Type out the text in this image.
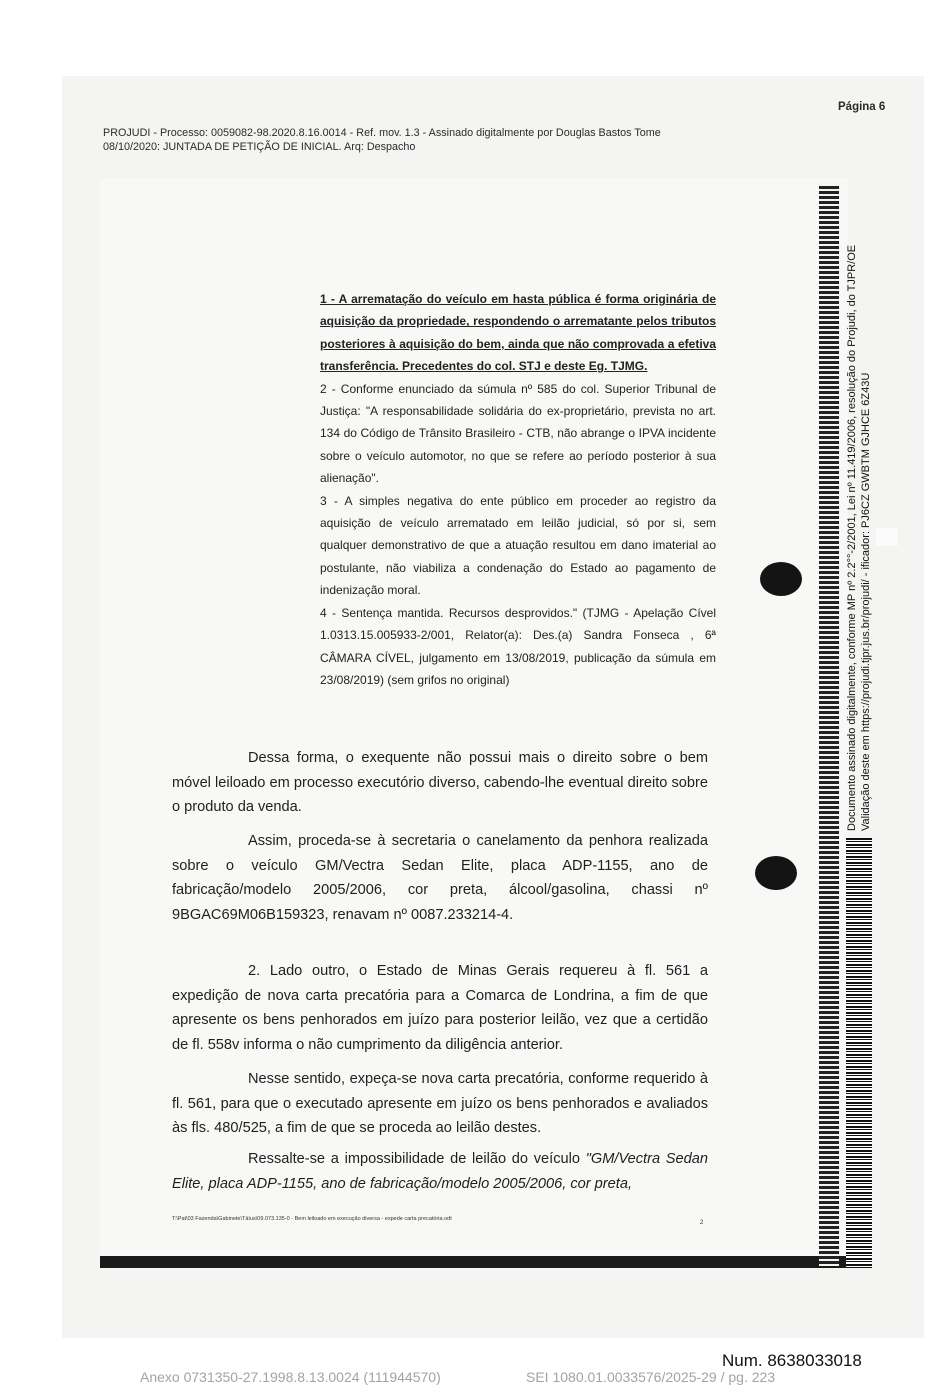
Página 6
PROJUDI - Processo: 0059082-98.2020.8.16.0014 - Ref. mov. 1.3 - Assinado digitalmente por Douglas Bastos Tome
08/10/2020: JUNTADA DE PETIÇÃO DE INICIAL. Arq: Despacho

1 - A arrematação do veículo em hasta pública é forma originária de aquisição da propriedade, respondendo o arrematante pelos tributos posteriores à aquisição do bem, ainda que não comprovada a efetiva transferência. Precedentes do col. STJ e deste Eg. TJMG.

2 - Conforme enunciado da súmula nº 585 do col. Superior Tribunal de Justiça: "A responsabilidade solidária do ex-proprietário, prevista no art. 134 do Código de Trânsito Brasileiro - CTB, não abrange o IPVA incidente sobre o veículo automotor, no que se refere ao período posterior à sua alienação".

3 - A simples negativa do ente público em proceder ao registro da aquisição de veículo arrematado em leilão judicial, só por si, sem qualquer demonstrativo de que a atuação resultou em dano imaterial ao postulante, não viabiliza a condenação do Estado ao pagamento de indenização moral.

4 - Sentença mantida. Recursos desprovidos." (TJMG - Apelação Cível 1.0313.15.005933-2/001, Relator(a): Des.(a) Sandra Fonseca , 6ª CÂMARA CÍVEL, julgamento em 13/08/2019, publicação da súmula em 23/08/2019) (sem grifos no original)

Dessa forma, o exequente não possui mais o direito sobre o bem móvel leiloado em processo executório diverso, cabendo-lhe eventual direito sobre o produto da venda.

Assim, proceda-se à secretaria o canelamento da penhora realizada sobre o veículo GM/Vectra Sedan Elite, placa ADP-1155, ano de fabricação/modelo 2005/2006, cor preta, álcool/gasolina, chassi nº 9BGAC69M06B159323, renavam nº 0087.233214-4.

2. Lado outro, o Estado de Minas Gerais requereu à fl. 561 a expedição de nova carta precatória para a Comarca de Londrina, a fim de que apresente os bens penhorados em juízo para posterior leilão, vez que a certidão de fl. 558v informa o não cumprimento da diligência anterior.

Nesse sentido, expeça-se nova carta precatória, conforme requerido à fl. 561, para que o executado apresente em juízo os bens penhorados e avaliados às fls. 480/525, a fim de que se proceda ao leilão destes.

Ressalte-se a impossibilidade de leilão do veículo "GM/Vectra Sedan Elite, placa ADP-1155, ano de fabricação/modelo 2005/2006, cor preta,

T:\Pat\03 Fazenda\Gabinete\Táíus\09.073.135-0 - Bem leiloado em execução diversa - expede carta precatória.odt
2
Documento assinado digitalmente, conforme MP nº 2.2°°-2/2001, Lei nº 11.419/2006, resolução do Projudi, do TJPR/OE Validação deste em https://projudi.tjpr.jus.br/projudi/ - ificador: PJ6CZ GWBTM GJHCE 6Z43U
Num. 8638033018
Anexo 0731350-27.1998.8.13.0024 (111944570)	SEI 1080.01.0033576/2025-29 / pg. 223
